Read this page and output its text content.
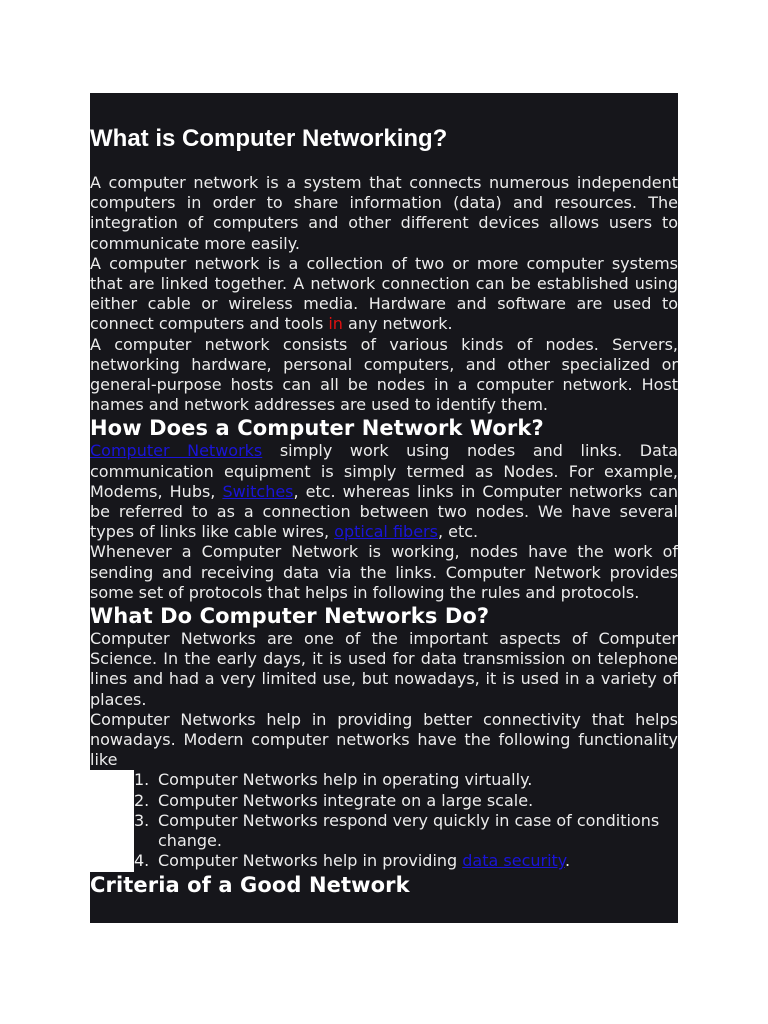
What is Computer Networking?

A computer network is a system that connects numerous independent computers in order to share information (data) and resources. The integration of computers and other different devices allows users to communicate more easily.

A computer network is a collection of two or more computer systems that are linked together. A network connection can be established using either cable or wireless media. Hardware and software are used to connect computers and tools in any network.

A computer network consists of various kinds of nodes. Servers, networking hardware, personal computers, and other specialized or general-purpose hosts can all be nodes in a computer network. Host names and network addresses are used to identify them.

How Does a Computer Network Work?

Computer Networks simply work using nodes and links. Data communication equipment is simply termed as Nodes. For example, Modems, Hubs, Switches, etc. whereas links in Computer networks can be referred to as a connection between two nodes. We have several types of links like cable wires, optical fibers, etc.

Whenever a Computer Network is working, nodes have the work of sending and receiving data via the links. Computer Network provides some set of protocols that helps in following the rules and protocols.

What Do Computer Networks Do?

Computer Networks are one of the important aspects of Computer Science. In the early days, it is used for data transmission on telephone lines and had a very limited use, but nowadays, it is used in a variety of places.

Computer Networks help in providing better connectivity that helps nowadays. Modern computer networks have the following functionality like

1. Computer Networks help in operating virtually.
2. Computer Networks integrate on a large scale.
3. Computer Networks respond very quickly in case of conditions change.
4. Computer Networks help in providing data security.
Criteria of a Good Network
